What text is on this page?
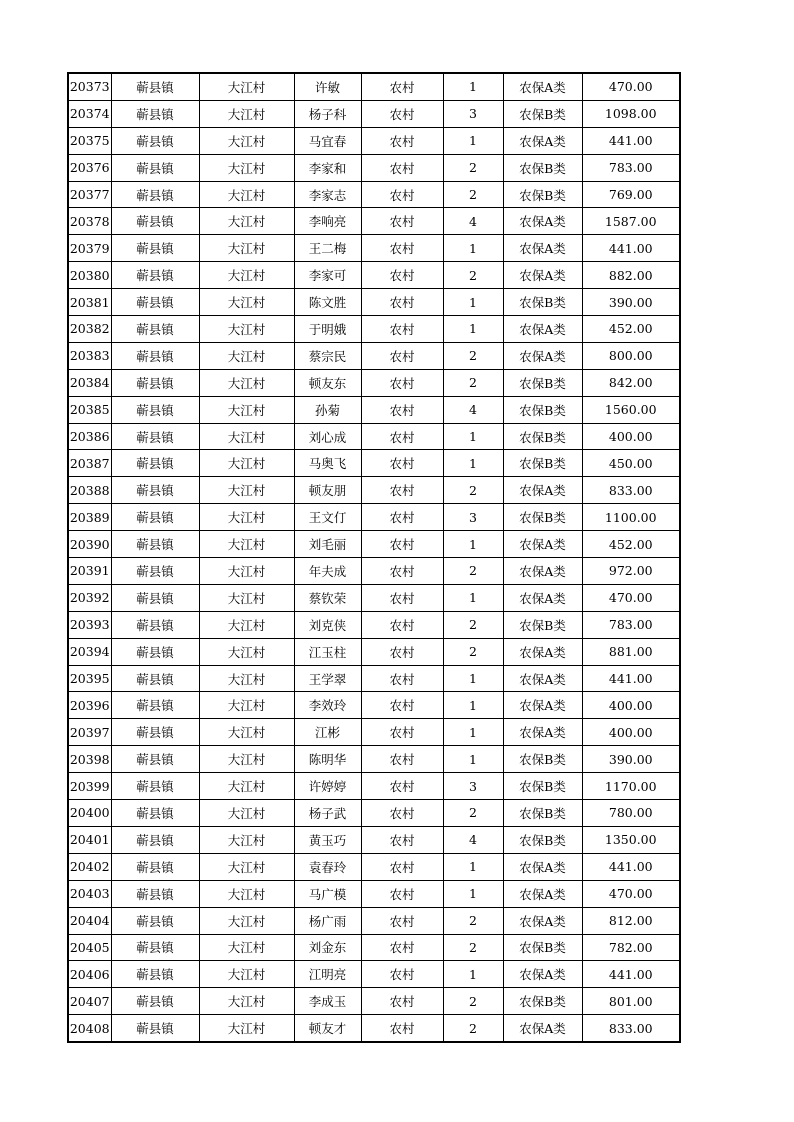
20373	蕲县镇	大江村	许敏	农村	1	农保A类	470.00
20374	蕲县镇	大江村	杨子科	农村	3	农保B类	1098.00
20375	蕲县镇	大江村	马宜春	农村	1	农保A类	441.00
20376	蕲县镇	大江村	李家和	农村	2	农保B类	783.00
20377	蕲县镇	大江村	李家志	农村	2	农保B类	769.00
20378	蕲县镇	大江村	李响亮	农村	4	农保A类	1587.00
20379	蕲县镇	大江村	王二梅	农村	1	农保A类	441.00
20380	蕲县镇	大江村	李家可	农村	2	农保A类	882.00
20381	蕲县镇	大江村	陈文胜	农村	1	农保B类	390.00
20382	蕲县镇	大江村	于明娥	农村	1	农保A类	452.00
20383	蕲县镇	大江村	蔡宗民	农村	2	农保A类	800.00
20384	蕲县镇	大江村	顿友东	农村	2	农保B类	842.00
20385	蕲县镇	大江村	孙菊	农村	4	农保B类	1560.00
20386	蕲县镇	大江村	刘心成	农村	1	农保B类	400.00
20387	蕲县镇	大江村	马奥飞	农村	1	农保B类	450.00
20388	蕲县镇	大江村	顿友朋	农村	2	农保A类	833.00
20389	蕲县镇	大江村	王文仃	农村	3	农保B类	1100.00
20390	蕲县镇	大江村	刘毛丽	农村	1	农保A类	452.00
20391	蕲县镇	大江村	年夫成	农村	2	农保A类	972.00
20392	蕲县镇	大江村	蔡钦荣	农村	1	农保A类	470.00
20393	蕲县镇	大江村	刘克侠	农村	2	农保B类	783.00
20394	蕲县镇	大江村	江玉柱	农村	2	农保A类	881.00
20395	蕲县镇	大江村	王学翠	农村	1	农保A类	441.00
20396	蕲县镇	大江村	李效玲	农村	1	农保A类	400.00
20397	蕲县镇	大江村	江彬	农村	1	农保A类	400.00
20398	蕲县镇	大江村	陈明华	农村	1	农保B类	390.00
20399	蕲县镇	大江村	许婷婷	农村	3	农保B类	1170.00
20400	蕲县镇	大江村	杨子武	农村	2	农保B类	780.00
20401	蕲县镇	大江村	黄玉巧	农村	4	农保B类	1350.00
20402	蕲县镇	大江村	袁春玲	农村	1	农保A类	441.00
20403	蕲县镇	大江村	马广模	农村	1	农保A类	470.00
20404	蕲县镇	大江村	杨广雨	农村	2	农保A类	812.00
20405	蕲县镇	大江村	刘金东	农村	2	农保B类	782.00
20406	蕲县镇	大江村	江明亮	农村	1	农保A类	441.00
20407	蕲县镇	大江村	李成玉	农村	2	农保B类	801.00
20408	蕲县镇	大江村	顿友才	农村	2	农保A类	833.00
